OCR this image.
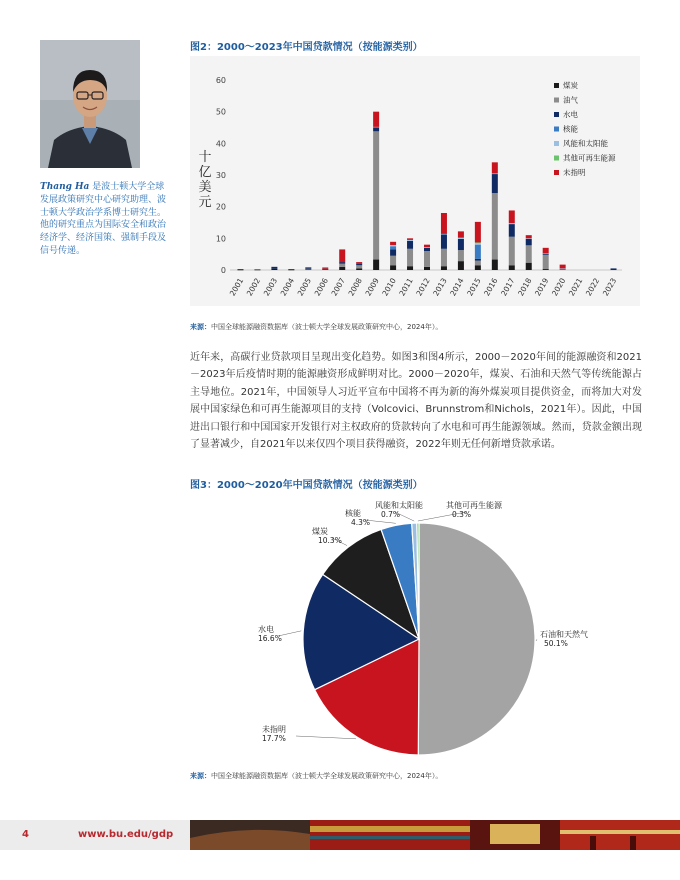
Thang Ha 是波士顿大学全球发展政策研究中心研究助理、波士顿大学政治学系博士研究生。他的研究重点为国际安全和政治经济学、经济国策、强制手段及信号传递。
图2：2000～2023年中国贷款情况（按能源类别）
0
10
20
30
40
50
60
2001 2002 2003 2004 2005 2006 2007 2008 2009 2010 2011 2012 2013 2014 2015 2016 2017 2018 2019 2020 2021 2022 2023
煤炭
油气
水电
核能
风能和太阳能
其他可再生能源
未指明
十亿美元
来源：中国全球能源融资数据库（波士顿大学全球发展政策研究中心，2024年）。
近年来，高碳行业贷款项目呈现出变化趋势。如图3和图4所示，2000－2020年间的能源融资和2021－2023年后疫情时期的能源融资形成鲜明对比。2000－2020年，煤炭、石油和天然气等传统能源占主导地位。2021年，中国领导人习近平宣布中国将不再为新的海外煤炭项目提供资金，而将加大对发展中国家绿色和可再生能源项目的支持（Volcovici、Brunnstrom和Nichols，2021年）。因此，中国进出口银行和中国国家开发银行对主权政府的贷款转向了水电和可再生能源领域。然而，贷款金额出现了显著减少，自2021年以来仅四个项目获得融资，2022年则无任何新增贷款承诺。
图3：2000～2020年中国贷款情况（按能源类别）
石油和天然气
50.1%
未指明
17.7%
水电
16.6%
煤炭
10.3%
核能
4.3%
风能和太阳能
0.7%
其他可再生能源
0.3%
来源：中国全球能源融资数据库（波士顿大学全球发展政策研究中心，2024年）。
4	www.bu.edu/gdp
